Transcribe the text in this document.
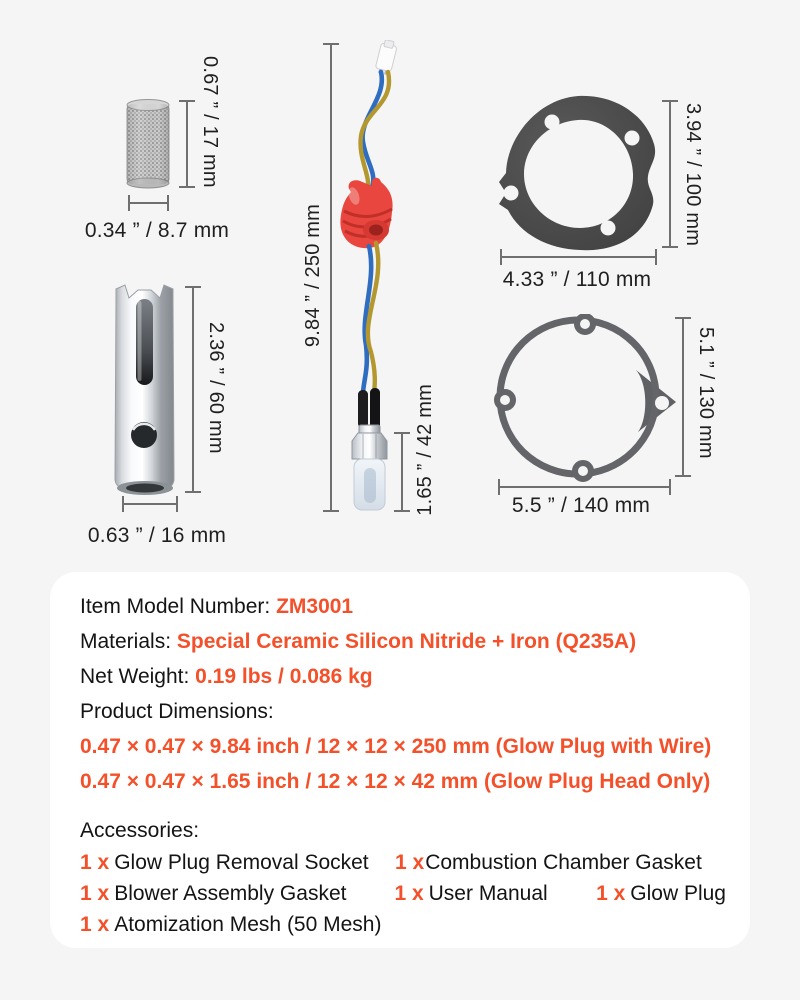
0.67 ” / 17 mm
0.34 ” / 8.7 mm
2.36 ” / 60 mm
0.63 ” / 16 mm
9.84 ” / 250 mm
1.65 ” / 42 mm
3.94 ” / 100 mm
4.33 ” / 110 mm
5.1 ” / 130 mm
5.5 ” / 140 mm
Item Model Number: ZM3001
Materials: Special Ceramic Silicon Nitride + Iron (Q235A)
Net Weight: 0.19 lbs / 0.086 kg
Product Dimensions:
0.47 × 0.47 × 9.84 inch / 12 × 12 × 250 mm (Glow Plug with Wire)
0.47 × 0.47 × 1.65 inch / 12 × 12 × 42 mm (Glow Plug Head Only)
Accessories:
1 x Glow Plug Removal Socket	1 xCombustion Chamber Gasket
1 x Blower Assembly Gasket	1 x User Manual	1 x Glow Plug
1 x Atomization Mesh (50 Mesh)
